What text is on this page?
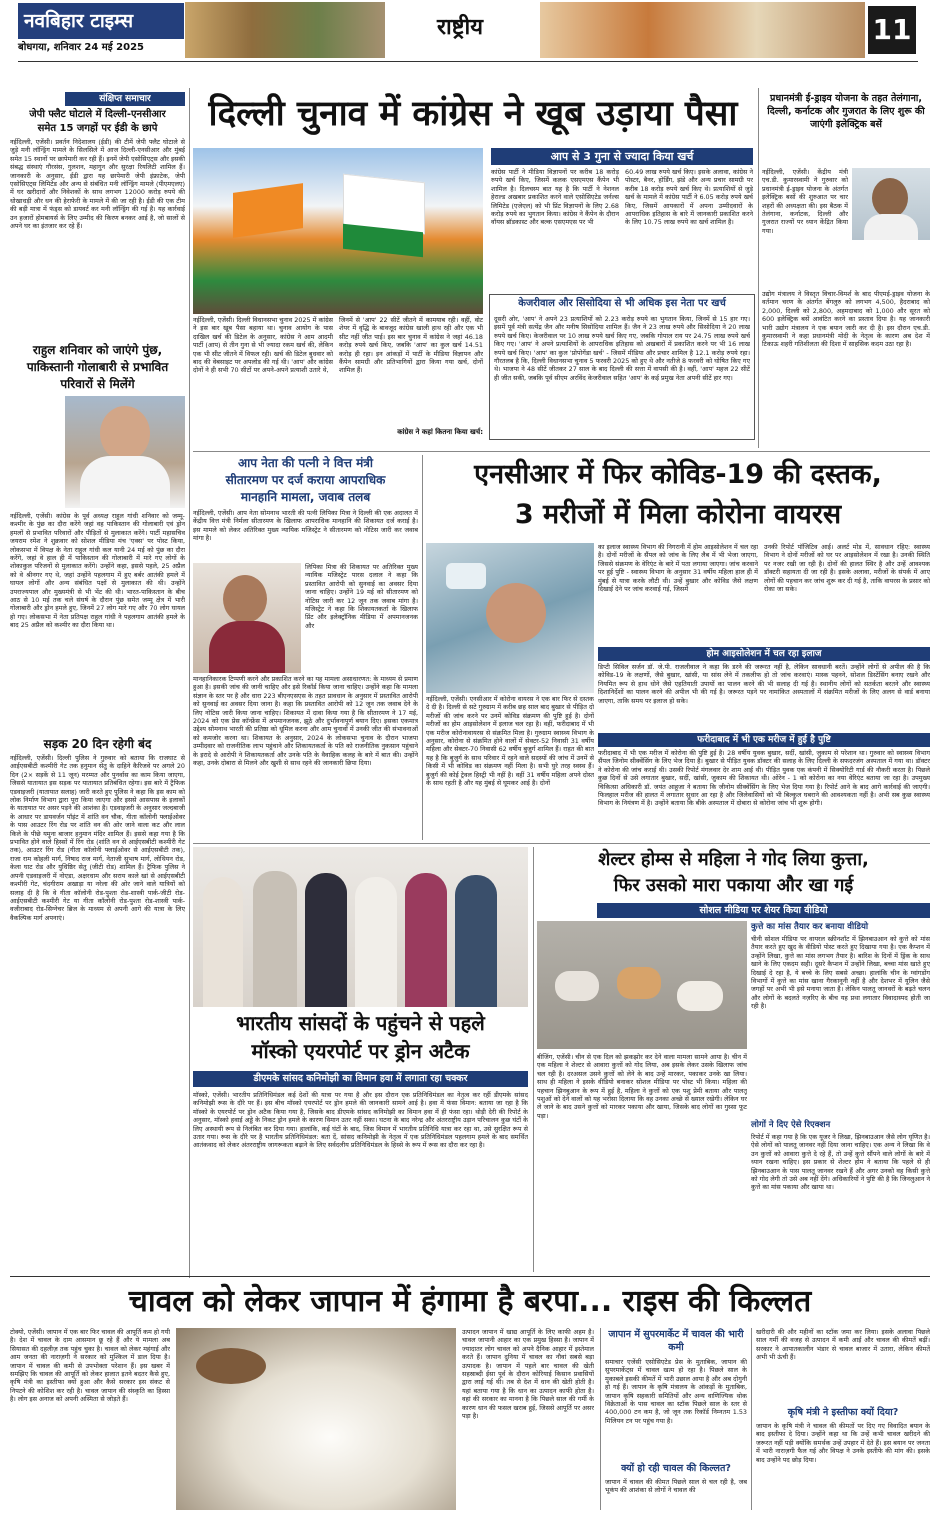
नवबिहार टाइम्स
बोधगया, शनिवार 24 मई 2025
राष्ट्रीय	11
संक्षिप्त समाचार
जेपी फ्लैट घोटाले में दिल्ली-एनसीआर
समेत 15 जगहों पर ईडी के छापे
नईदिल्ली, एजेंसी। प्रवर्तन निदेशालय (ईडी) की टीमें जेपी फ्लैट घोटाले से जुड़े मनी लॉन्ड्रिंग मामले के सिलसिले में आज दिल्ली-एनसीआर और मुंबई समेत 15 स्थानों पर छापेमारी कर रही हैं। इनमें जेपी एसोसिएट्स और इसकी संबद्ध संस्थाएं गौरसंस, गुलशन, महागुन और सुरक्षा रियलिटी शामिल हैं। जानकारी के अनुसार, ईडी द्वारा यह छापेमारी जेपी इंफ्राटेक, जेपी एसोसिएट्स लिमिटेड और अन्य से संबंधित मनी लॉन्ड्रिंग मामले (पीएमएलए) में घर खरीदारों और निवेशकों के साथ लगभग 12000 करोड़ रुपये की धोखाधड़ी और धन की हेराफेरी के मामले में की जा रही है। ईडी की एक टीम की बड़ी मात्रा में फंड्स को डायवर्ट कर मनी लॉन्ड्रिंग की गई है। यह कार्रवाई उन हजारों होमबायर्स के लिए उम्मीद की किरण बनकर आई है, जो सालों से अपने घर का इंतजार कर रहे हैं।
राहुल शनिवार को जाएंगे पुंछ,
पाकिस्तानी गोलाबारी से प्रभावित
परिवारों से मिलेंगे
नईदिल्ली, एजेंसी। कांग्रेस के पूर्व अध्यक्ष राहुल गांधी शनिवार को जम्मू-कश्मीर के पुंछ का दौरा करेंगे जहां वह पाकिस्तान की गोलाबारी एवं ड्रोन हमलों से प्रभावित परिवारों और पीड़ितों से मुलाकात करेंगे। पार्टी महासचिव जयराम रमेश ने शुक्रवार को सोशल मीडिया मंच 'एक्स' पर पोस्ट किया, लोकसभा में विपक्ष के नेता राहुल गांधी कल यानी 24 मई को पुंछ का दौरा करेंगे, जहां वे हाल ही में पाकिस्तान की गोलाबारी में मारे गए लोगों के शोकाकुल परिजनों से मुलाकात करेंगे। उन्होंने कहा, इससे पहले, 25 अप्रैल को वे श्रीनगर गए थे, जहां उन्होंने पहलगाम में हुए बर्बर आतंकी हमले में घायल लोगों और अन्य संबंधित पक्षों से मुलाकात की थी। उन्होंने उपराज्यपाल और मुख्यमंत्री से भी भेंट की थी। भारत-पाकिस्तान के बीच आठ से 10 मई तक चले संघर्ष के दौरान पुंछ समेत जम्मू क्षेत्र में भारी गोलाबारी और ड्रोन हमले हुए, जिनमें 27 लोग मारे गए और 70 लोग घायल हो गए। लोकसभा में नेता प्रतिपक्ष राहुल गांधी ने पहलगाम आतंकी हमले के बाद 25 अप्रैल को कश्मीर का दौरा किया था।
सड़क 20 दिन रहेगी बंद
नईदिल्ली, एजेंसी। दिल्ली पुलिस ने गुरुवार को बताया कि राजघाट से आईएसबीटी कश्मीरी गेट तक हनुमान सेतु के दाहिने कैरिजवे पर अगले 20 दिन (2× सड़कें से 11 जून) मरम्मत और पुनर्वास का काम किया जाएगा, जिससे यातायात इस सड़क पर यातायात प्रतिबंधित रहेगा। इस बारे में ट्रैफिक एडवाइजरी (यातायात सलाह) जारी करते हुए पुलिस ने कहा कि इस काम को लोक निर्माण विभाग द्वारा पूरा किया जाएगा और इससे आसपास के इलाकों के यातायात पर असर पड़ने की आशंका है। एडवाइजरी के अनुसार जल्दबाजी के आधार पर डायवर्जन पॉइंट में शांति वन चौक, गीता कॉलोनी फ्लाईओवर के पास आउटर रिंग रोड पर शांति वन की ओर जाने वाला कट और लाल किले के पीछे यमुना बाजार हनुमान मंदिर शामिल हैं। इससे कहा गया है कि प्रभावित होने वाले हिस्सों में रिंग रोड (शांति वन से आईएसबीटी कश्मीरी गेट तक), आउटर रिंग रोड (गीता कॉलोनी फ्लाईओवर से आईएसबीटी तक), राजा राम कोहली मार्ग, निषाद राज मार्ग, नेताजी सुभाष मार्ग, लोथियन रोड, केला घाट रोड और युधिष्ठिर सेतु (जीटी रोड) शामिल हैं। ट्रैफिक पुलिस ने अपनी एडवाइजरी में नोएडा, अक्षरधाम और सराय काले खां से आईएसबीटी कश्मीरी गेट, चंदगीराम अखाड़ा या नरेला की ओर जाने वाले यात्रियों को सलाह दी है कि वे गीता कॉलोनी रोड-पुश्ता रोड-शास्त्री पार्क-जीटी रोड-आईएसबीटी कश्मीरी गेट या गीता कॉलोनी रोड-पुश्ता रोड-शास्त्री पार्क-वजीराबाद रोड-सिग्नेचर ब्रिज के माध्यम से अपनी आगे की यात्रा के लिए वैकल्पिक मार्ग अपनाएं।
दिल्ली चुनाव में कांग्रेस ने खूब उड़ाया पैसा
आप से 3 गुना से ज्यादा किया खर्च
कांग्रेस पार्टी ने मीडिया विज्ञापनों पर करीब 18 करोड़ रुपये खर्च किए, जिसमें कलक एसएमएस कैंपेन भी शामिल है। दिलचस्प बात यह है कि पार्टी ने नेशनल हेराल्ड अखबार प्रकाशित करने वाले एसोसिएटेड जर्नल्स लिमिटेड (एजेएल) को भी प्रिंट विज्ञापनों के लिए 2.68 करोड़ रुपये का भुगतान किया। कांग्रेस ने कैंपेन के दौरान वॉयस ब्रॉडकास्ट और बल्क एसएमएस पर भी
60.49 लाख रुपये खर्च किए। इसके अलावा, कांग्रेस ने पोस्टर, बैनर, होर्डिंग, झंडे और अन्य प्रचार सामग्री पर करीब 18 करोड़ रुपये खर्च किए थे। प्रत्याशियों से जुड़े खर्च के मामले में कांग्रेस पार्टी ने 6.05 करोड़ रुपये खर्च किए, जिसमें आयकारों में अपना उम्मीदवारों के आपराधिक इतिहास के बारे में जानकारी प्रकाशित करने के लिए 10.75 लाख रुपये का खर्च शामिल है।
नईदिल्ली, एजेंसी। दिल्ली विधानसभा चुनाव 2025 में कांग्रेस ने इस बार खूब पैसा बहाया था। चुनाव आयोग के पास दाखिल खर्च की डिटेल के अनुसार, कांग्रेस ने आम आदमी पार्टी (आप) से तीन गुना से भी ज्यादा रकम खर्च की, लेकिन एक भी सीट जीतने में विफल रही। खर्च की डिटेल बुधवार को बाद की वेबसाइट पर अपलोड की गई थी। 'आप' और कांग्रेस दोनों ने ही सभी 70 सीटों पर अपने-अपने प्रत्याशी उतारे थे,
जिनमें से 'आप' 22 सीटें जीतने में कामयाब रही। वहीं, वोट शेयर में वृद्धि के बावजूद कांग्रेस खाली हाथ रही और एक भी सीट नहीं जीत पाई। इस बार चुनाव में कांग्रेस ने जहां 46.18 करोड़ रुपये खर्च किए, जबकि 'आप' का कुल खर्च 14.51 करोड़ ही रहा। इन आंकड़ों में पार्टी के मीडिया विज्ञापन और कैंपेन सामग्री और प्रतिभागियों द्वारा किया गया खर्च, दोनों शामिल हैं।
कांग्रेस ने कहां कितना किया खर्च:
केजरीवाल और सिसोदिया से भी अधिक इस नेता पर खर्च
दूसरी ओर, 'आप' ने अपने 23 प्रत्याशियों को 2.23 करोड़ रुपये का भुगतान किया, जिनमें से 15 हार गए। इसमें पूर्व मंत्री सत्येंद्र जैन और मनीष सिसोदिया शामिल हैं। जैन ने 23 लाख रुपये और सिसोदिया ने 20 लाख रुपये खर्च किए। केजरीवाल पर 10 लाख रुपये खर्च किए गए, जबकि गोपाल राय पर 24.75 लाख रुपये खर्च किए गए। 'आप' ने अपने प्रत्याशियों के आपराधिक इतिहास को अखबारों में प्रकाशित करने पर भी 16 लाख रुपये खर्च किए। 'आप' का कुल 'प्रोपोगेंडा खर्च' - जिसमें मीडिया और प्रचार शामिल है 12.1 करोड़ रुपये रहा। गौरतलब है कि, दिल्ली विधानसभा चुनाव 5 फरवरी 2025 को हुए थे और नतीजे 8 फरवरी को घोषित किए गए थे। भाजपा ने 48 सीटें जीतकर 27 साल के बाद दिल्ली की सत्ता में वापसी की है। वहीं, 'आप' महज 22 सीटें ही जीत सकी, जबकि पूर्व सीएम अरविंद केजरीवाल सहित 'आप' के कई प्रमुख नेता अपनी सीटें हार गए।
प्रधानमंत्री ई-ड्राइव योजना के तहत तेलंगाना, दिल्ली, कर्नाटक और गुजरात के लिए शुरू की जाएंगी इलेक्ट्रिक बसें
नईदिल्ली, एजेंसी। केंद्रीय मंत्री एच.डी. कुमारस्वामी ने गुरुवार को प्रधानमंत्री ई-ड्राइव योजना के अंतर्गत इलेक्ट्रिक बसों की शुरुआत पर चार शहरों की अध्यक्षता की। इस बैठक में तेलंगाना, कर्नाटक, दिल्ली और गुजरात राज्यों पर ध्यान केंद्रित किया गया।
उद्योग मंत्रालय ने विस्तृत विचार-विमर्श के बाद पीएमई-ड्राइव योजना के वर्तमान चरण के अंतर्गत बेंगलुरु को लगभग 4,500, हैदराबाद को 2,000, दिल्ली को 2,800, अहमदाबाद को 1,000 और सूरत को 600 इलेक्ट्रिक बसें आवंटित करने का प्रस्ताव दिया है। यह जानकारी भारी उद्योग मंत्रालय ने एक बयान जारी कर दी है। इस दौरान एच.डी. कुमारस्वामी ने कहा प्रधानमंत्री मोदी के नेतृत्व के कारण अब देश में टिकाऊ शहरी गतिशीलता की दिशा में साहसिक कदम उठा रहा है।
आप नेता की पत्नी ने वित्त मंत्री
सीतारमण पर दर्ज कराया आपराधिक
मानहानि मामला, जवाब तलब
नईदिल्ली, एजेंसी। आप नेता सोमनाथ भारती की पत्नी लिपिका मित्रा ने दिल्ली की एक अदालत में केंद्रीय वित्त मंत्री निर्मला सीतारमण के खिलाफ आपराधिक मानहानि की शिकायत दर्ज कराई है। इस मामले को लेकर अतिरिक्त मुख्य न्यायिक मजिस्ट्रेट ने सीतारमण को नोटिस जारी कर जवाब मांगा है।
लिपिका मित्रा की शिकायत पर अतिरिक्त मुख्य न्यायिक मजिस्ट्रेट पारस दलाल ने कहा कि प्रस्तावित आरोपी को सुनवाई का अवसर दिया जाना चाहिए। उन्होंने 19 मई को सीतारमण को नोटिस जारी कर 12 जून तक जवाब मांगा है। मजिस्ट्रेट ने कहा कि शिकायतकर्ता के खिलाफ प्रिंट और इलेक्ट्रॉनिक मीडिया में अपमानजनक और
मानहानिकारक टिप्पणी करने और प्रकाशित करने का यह मामला असाधारणत: के माध्यम से प्रमाण हुआ है। इसकी जांच की जानी चाहिए और इसे रिकॉर्ड किया जाना चाहिए। उन्होंने कहा कि मामला संज्ञान के स्तर पर है और धारा 223 बीएनएसएस के तहत प्रावधान के अनुसार में प्रस्तावित आरोपी को सुनवाई का अवसर दिया जाना है। कहा कि प्रस्तावित आरोपी को 12 जून तक जवाब देने के लिए नोटिस जारी किया जाना चाहिए। शिकायत में दावा किया गया है कि सीतारमण ने 17 मई, 2024 को एक प्रेस कॉन्फ्रेंस में अपमानजनक, झूठे और दुर्भावनापूर्ण बयान दिए। इसका एकमात्र उद्देश्य सोमनाथ भारती की प्रतिष्ठा को धूमिल करना और आम चुनावों में उनकी जीत की संभावनाओं को कमजोर करना था। शिकायत के अनुसार, 2024 के लोकसभा चुनाव के दौरान भाजपा उम्मीदवार को राजनीतिक लाभ पहुंचाने और शिकायतकर्ता के पति को राजनीतिक नुकसान पहुंचाने के इरादे से आरोपी ने शिकायतकर्ता और उनके पति के वैवाहिक कलह के बारे में बात की। उन्होंने कहा, उनके दोबारा से मिलने और खुशी से साथ रहने की जानकारी छिपा दिया।
एनसीआर में फिर कोविड-19 की दस्तक,
3 मरीजों में मिला कोरोना वायरस
का इलाज स्वास्थ्य विभाग की निगरानी में होम आइसोलेशन में चल रहा है। दोनों मरीजों के सैंपल को जांच के लिए लैब में भी भेजा जाएगा, जिससे संक्रमण के वेरिएंट के बारे में पता लगाया जाएगा। जांच करवाने पर हुई पुष्टि - स्वास्थ्य विभाग के अनुसार 31 वर्षीय महिला हाल ही में मुंबई से यात्रा करके लौटी थी। उन्हें बुखार और कोविड जैसे लक्षण दिखाई देने पर जांच करवाई गई, जिसमें
उनकी रिपोर्ट पॉजिटिव आई। अलर्ट मोड में, सावधान रहिए: स्वास्थ्य विभाग ने दोनों मरीजों को घर पर आइसोलेशन में रखा है। उनकी स्थिति पर नजर रखी जा रही है। दोनों की हालत स्थिर है और उन्हें आवश्यक डॉक्टरी सहायता दी जा रही है। इसके अलावा, मरीजों के संपर्क में आए लोगों की पहचान कर जांच शुरू कर दी गई है, ताकि वायरस के प्रसार को रोका जा सके।
होम आइसोलेशन में चल रहा इलाज
डिप्टी सिविल सर्जन डॉ. जे.पी. राजलीवाल ने कहा कि डरने की जरूरत नहीं है, लेकिन सावधानी बरतें। उन्होंने लोगों से अपील की है कि कोविड-19 के लक्षणों, जैसे बुखार, खांसी, या सांस लेने में तकलीफ हो तो जांच करवाएं। मास्क पहनने, सोशल डिस्टेंसिंग बनाए रखने और नियमित रूप से हाथ धोने जैसे एहतियाती उपायों का पालन करने की भी सलाह दी गई है। स्थानीय लोगों को सतर्कता बरतने और स्वास्थ्य दिशानिर्देशों का पालन करने की अपील भी की गई है। जरूरत पड़ने पर नामांकित अस्पतालों में संक्रमित मरीजों के लिए अलग से वार्ड बनाया जाएगा, ताकि समय पर इलाज हो सके।
फरीदाबाद में भी एक मरीज में हुई है पुष्टि
फरीदाबाद में भी एक मरीज में कोरोना की पुष्टि हुई है। 28 वर्षीय युवक बुखार, सर्दी, खांसी, जुकाम से परेशान था। गुरुवार को स्वास्थ्य विभाग सैंपल जिनोम सीक्वेंसिंग के लिए भेज दिया है। बुखार से पीड़ित युवक डॉक्टर की सलाह के लिए दिल्ली के सफदरजंग अस्पताल में गया था। डॉक्टर ने कोरोना की जांच कराई थी। उसकी रिपोर्ट मंगलवार देर शाम आई थी। पीड़ित युवक एक कंपनी में सिक्योरिटी गार्ड की नौकरी करता है। पिछले कुछ दिनों से उसे लगातार बुखार, सर्दी, खांसी, जुकाम की शिकायत थी। ओरेन - 1 को कोरोना का नया वेरिएंट बताया जा रहा है। उपमुख्य चिकित्सा अधिकारी डॉ. जयंत आहूजा ने बताया कि जीनोम सीक्वेंसिंग के लिए भेज दिया गया है। रिपोर्ट आने के बाद आगे कार्रवाई की जाएगी। फिलहाल मरीज की हालत में लगातार सुधार आ रहा है और जिलेवासियों को भी बिल्कुल घबराने की आवश्यकता नहीं है। अभी सब कुछ स्वास्थ्य विभाग के नियंत्रण में है। उन्होंने बताया कि बीके अस्पताल में दोबारा से कोरोना जांच भी शुरू होगी।
नईदिल्ली, एजेंसी। एनसीआर में कोरोना वायरस ने एक बार फिर से दस्तक दे दी है। दिल्ली से सटे गुरुग्राम में करीब छह साल बाद बुखार से पीड़ित दो मरीजों की जांच करने पर उनमें कोविड संक्रमण की पुष्टि हुई है। दोनों मरीजों का होम आइसोलेशन में इलाज चल रहा है। वहीं, फरीदाबाद में भी एक मरीज कोरोनावायरस से संक्रमित मिला है। गुरुग्राम स्वास्थ्य विभाग के अनुसार, कोरोना से संक्रमित होने वालों में सेक्टर-52 निवासी 31 वर्षीय महिला और सेक्टर-70 निवासी 62 वर्षीय बुजुर्ग शामिल हैं। राहत की बात यह है कि बुजुर्ग के साथ परिवार में रहने वाले सदस्यों की जांच में उनमें से किसी में भी कोविड का संक्रमण नहीं मिला है। सभी घुरे तरह स्वस्थ हैं। बुजुर्ग की कोई ट्रेवल हिस्ट्री भी नहीं है। वहीं 31 वर्षीय महिला अपने दोस्त के साथ रहती है और यह मुंबई से घूमकर आई है। दोनों
भारतीय सांसदों के पहुंचने से पहले
मॉस्को एयरपोर्ट पर ड्रोन अटैक
डीएमके सांसद कनिमोझी का विमान हवा में लगाता रहा चक्कर
मॉस्को, एजेंसी। भारतीय प्रतिनिधिमंडल कई देशों की यात्रा पर गया है और इस दौरान एक प्रतिनिधिमंडल का नेतृत्व कर रहीं डीएमके सांसद कनिमोझी रूस के दौरे पर हैं। इस बीच मॉस्को एयरपोर्ट पर ड्रोन हमले की जानकारी सामने आई है। हवा में फंसा विमान: बताया जा रहा है कि मॉस्को के एयरपोर्ट पर ड्रोन अटैक किया गया है, जिसके बाद डीएमके सांसद कनिमोझी का विमान हवा में ही फंसा रहा। थोड़ी देरी की रिपोर्ट के अनुसार, मॉस्को हवाई अड्डे के निकट ड्रोन हमले के कारण विमान उतर नहीं सका। घटना के बाद नरेन्द्र और अंतरराष्ट्रीय उड़ान परिचालन कुछ घंटों के लिए अस्थायी रूप से निलंबित कर दिया गया। हालांकि, कई घंटों के बाद, जिस विमान में भारतीय प्रतिनिधि यात्रा कर रहा था, उसे सुरक्षित रूप से उतार गया। रूस के दौरे पर है भारतीय प्रतिनिधिमंडल: बता दें, सांसद कनिमोझी के नेतृत्व में एक प्रतिनिधिमंडल पहलगाम हमले के बाद समर्थित आतंकवाद को लेकर अंतरराष्ट्रीय जागरूकता बढ़ाने के लिए सर्वदलीय प्रतिनिधिमंडल के हिस्से के रूप में रूस का दौरा कर रहा है।
शेल्टर होम्स से महिला ने गोद लिया कुत्ता,
फिर उसको मारा पकाया और खा गई
सोशल मीडिया पर शेयर किया वीडियो
कुत्ते का मांस तैयार कर बनाया वीडियो
चीनी सोशल मीडिया पर वायरल स्क्रीनशॉट में झिनबाउआन को कुत्ते को मांस तैयार करते हुए खुद के वीडियो पोस्ट करते हुए दिखाया गया है। एक कैप्शन में उन्होंने लिखा, कुत्ते का मांस लगभग तैयार है। बारिश के दिनों में ड्रिंक के साथ खाने के लिए एकदम सही। दूसरे कैप्शन में उन्होंने लिखा, बच्चा मांस खाते हुए दिखाई दे रहा है, ये बच्चे के लिए सबसे अच्छा। हालांकि चीन के ग्वांगडोंग विभागों में कुत्ते का मांस खाना गैरकानूनी नहीं है और देशभर में यूलिन जैसे जगहों पर अभी भी इसे मनाया जाता है। लेकिन पालतू जानवरों के बढ़ते चलन और लोगों के बदलते नज़रिए के बीच यह प्रथा लगातार विवादास्पद होती जा रही है।
लोगों ने दिए ऐसे रिएक्शन
रिपोर्ट में कहा गया है कि एक यूजर ने लिखा, झिनबाउआन जैसे लोग घृणित है। ऐसे लोगों को पालतू जानवर नहीं दिया जाना चाहिए। एक अन्य ने लिखा कि वे उन कुत्तों को आवारा कुत्ते दे रहे हैं, तो उन्हें कुत्ते सौंपने वाले लोगों के बारे में ध्यान रखना चाहिए। इस प्रकार से शेल्टर होम ने बताया कि पहले से ही झिनबाउआन के पास पालतू जानवर रखने हैं और अगर उनको वह किसी कुत्ते को गोद लेगी तो उसे अब नहीं देंगे। अधिकारियों ने पुष्टि की है कि जिनलुआन ने कुत्ते का मांस पकाया और खाया था।
बीजिंग, एजेंसी। चीन से एक दिल को झकझोर कर देने वाला मामला सामने आया है। चीन में एक महिला ने शेल्टर से आवारा कुत्तों को गोद लिया, अब इसके लेकर उसके खिलाफ जांच चल रही है। दरअसल उसने कुत्तों को लेने के बाद उन्हें मारकर, पकाकर उनके खा लिया। साथ ही महिला ने इसके वीडियो बनाकर सोशल मीडिया पर पोस्ट भी किया। महिला की पहचान झिनबुआन के रूप में हुई है, महिला ने कुत्तों को एक पशु प्रेमी बताया और पालतू पशुओं को देने वालों को यह भरोसा दिलाया कि वह उनका अच्छे से ख्याल रखेगी। लेकिन घर ले जाने के बाद उसने कुत्तों को मारकर पकाया और खाया, जिसके बाद लोगों का गुस्सा फूट पड़ा।
चावल को लेकर जापान में हंगामा है बरपा... राइस की किल्लत
टोक्यो, एजेंसी। जापान में एक बार फिर चावल की आपूर्ति कम हो गयी है। देश में चावल के दाम आसमान छू रहे हैं और ये मामला अब सियासत की दहलीज़ तक पहुंच चुका है। चावल को लेकर महंगाई और आम जनता की नाराज़गी ने सरकार को मुश्किल में डाल दिया है। जापान में चावल की कमी से उपभोक्ता परेशान हैं। इस खबर में समझिए कि चावल की आपूर्ति को लेकर हालात इतने बदतर कैसे हुए, कृषि मंत्री का इस्तीफा क्यों हुआ और कैसे सरकार इस संकट से निपटने की कोशिश कर रही है। चावल जापान की संस्कृति का हिस्सा है। लोग इस अनाज को अपनी अस्मिता से जोड़ते हैं।
उत्पादन जापान में खाद्य आपूर्ति के लिए काफी अहम है। चावल जापानी आहार का एक प्रमुख हिस्सा है। जापान में ज्यादातर लोग चावल को अपने दैनिक आहार में इस्तेमाल करते हैं। जापान दुनिया में चावल का नौवां सबसे बड़ा उत्पादक है। जापान में पहले बार चावल की खेती सहस्राब्दी ईसा पूर्व के दौरान कोरियाई किसान प्रवासियों द्वारा लाई गई थी। तब से देश में धान की खेती होती है। यहां बताया गया है कि धान का उत्पादन काफी होता है। वहां की सरकार का मानना है कि पिछले साल की गर्मी के कारण धान की फसल खराब हुई, जिससे आपूर्ति पर असर पड़ा है।
जापान में सुपरमार्केट में चावल की भारी कमी
समाचार एजेंसी एसोसिएटेड प्रेस के मुताबिक, जापान की सुपरमार्केट्स में चावल खत्म हो रहा है। पिछले साल के मुकाबले इसकी कीमतें में भारी उछाल आया है और अब दोगुनी हो गई हैं। जापान के कृषि मंत्रालय के आंकड़ों के मुताबिक, जापान कृषि सहकारी समितियों और अन्य वाणिज्यिक थोक विक्रेताओं के पास चावल का स्टॉक पिछले साल के स्तर से 400,000 टन कम है, जो जून तक रिकॉर्ड निम्नतम 1.53 मिलियन टन पर पहुंच गया है।
क्यों हो रही चावल की किल्लत?
जापान में चावल की कीमत पिछले साल से चल रही है, जब भूकंप की आशंका से लोगों ने चावल की
खरीदारी की और महीनों का स्टॉक जमा कर लिया। इसके अलावा पिछले साल गर्मी की वजह से उत्पादन में कमी आई और चावल की कीमतें बढ़ीं। सरकार ने आपातकालीन भंडार से चावल बाजार में उतारा, लेकिन कीमतें अभी भी ऊंची हैं।
कृषि मंत्री ने इस्तीफा क्यों दिया?
जापान के कृषि मंत्री ने चावल की कीमतों पर दिए गए विवादित बयान के बाद इस्तीफा दे दिया। उन्होंने कहा था कि उन्हें कभी चावल खरीदने की जरूरत नहीं पड़ी क्योंकि समर्थक उन्हें उपहार में देते हैं। इस बयान पर जनता में भारी नाराज़गी फैल गई और विपक्ष ने उनके इस्तीफे की मांग की। इसके बाद उन्होंने पद छोड़ दिया।
